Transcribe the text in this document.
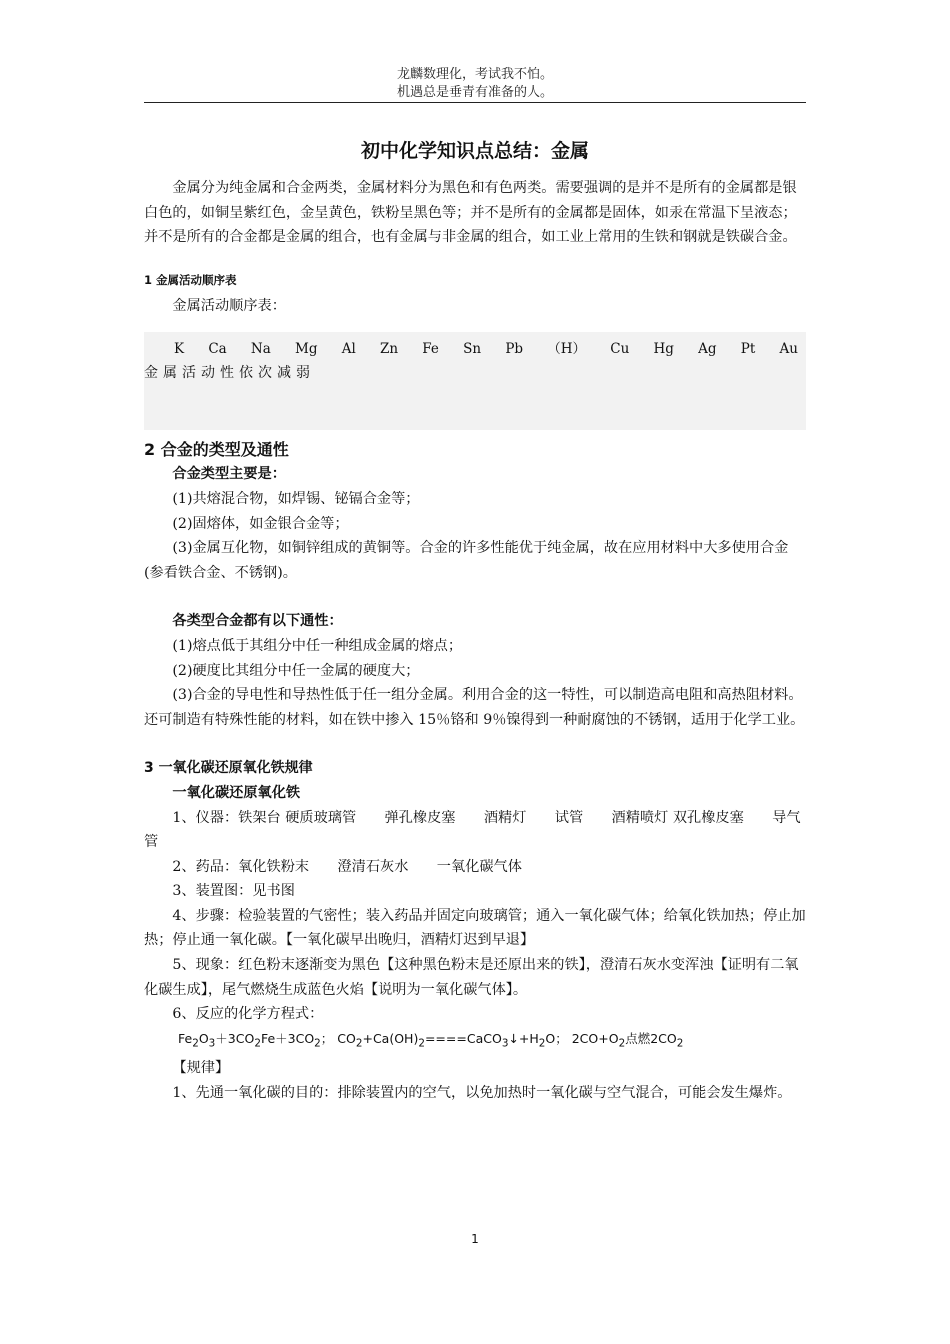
龙麟数理化，考试我不怕。
机遇总是垂青有准备的人。
初中化学知识点总结：金属

金属分为纯金属和合金两类，金属材料分为黑色和有色两类。需要强调的是并不是所有的金属都是银白色的，如铜呈紫红色，金呈黄色，铁粉呈黑色等；并不是所有的金属都是固体，如汞在常温下呈液态；并不是所有的合金都是金属的组合，也有金属与非金属的组合，如工业上常用的生铁和钢就是铁碳合金。

1 金属活动顺序表

金属活动顺序表：

K Ca Na Mg Al Zn Fe Sn Pb （H） Cu Hg Ag Pt Au
金属活动性依次减弱

2 合金的类型及通性

合金类型主要是：

(1)共熔混合物，如焊锡、铋镉合金等；

(2)固熔体，如金银合金等；

(3)金属互化物，如铜锌组成的黄铜等。合金的许多性能优于纯金属，故在应用材料中大多使用合金(参看铁合金、不锈钢)。

各类型合金都有以下通性：

(1)熔点低于其组分中任一种组成金属的熔点；

(2)硬度比其组分中任一金属的硬度大；

(3)合金的导电性和导热性低于任一组分金属。利用合金的这一特性，可以制造高电阻和高热阻材料。还可制造有特殊性能的材料，如在铁中掺入 15％铬和 9％镍得到一种耐腐蚀的不锈钢，适用于化学工业。

3 一氧化碳还原氧化铁规律

一氧化碳还原氧化铁

1、仪器：铁架台 硬质玻璃管　　弹孔橡皮塞　　酒精灯　　试管　　酒精喷灯 双孔橡皮塞　　导气管

2、药品：氧化铁粉末　　澄清石灰水　　一氧化碳气体

3、装置图：见书图

4、步骤：检验装置的气密性；装入药品并固定向玻璃管；通入一氧化碳气体；给氧化铁加热；停止加热；停止通一氧化碳。【一氧化碳早出晚归，酒精灯迟到早退】

5、现象：红色粉末逐渐变为黑色【这种黑色粉末是还原出来的铁】，澄清石灰水变浑浊【证明有二氧化碳生成】，尾气燃烧生成蓝色火焰【说明为一氧化碳气体】。

6、反应的化学方程式：

$Fe_2O_3+3CO_2Fe+3CO_2$； $CO_2+Ca(OH)_2====CaCO_3↓+H_2O$； $2CO+O_2$点燃$2CO_2$

【规律】

1、先通一氧化碳的目的：排除装置内的空气，以免加热时一氧化碳与空气混合，可能会发生爆炸。

1
